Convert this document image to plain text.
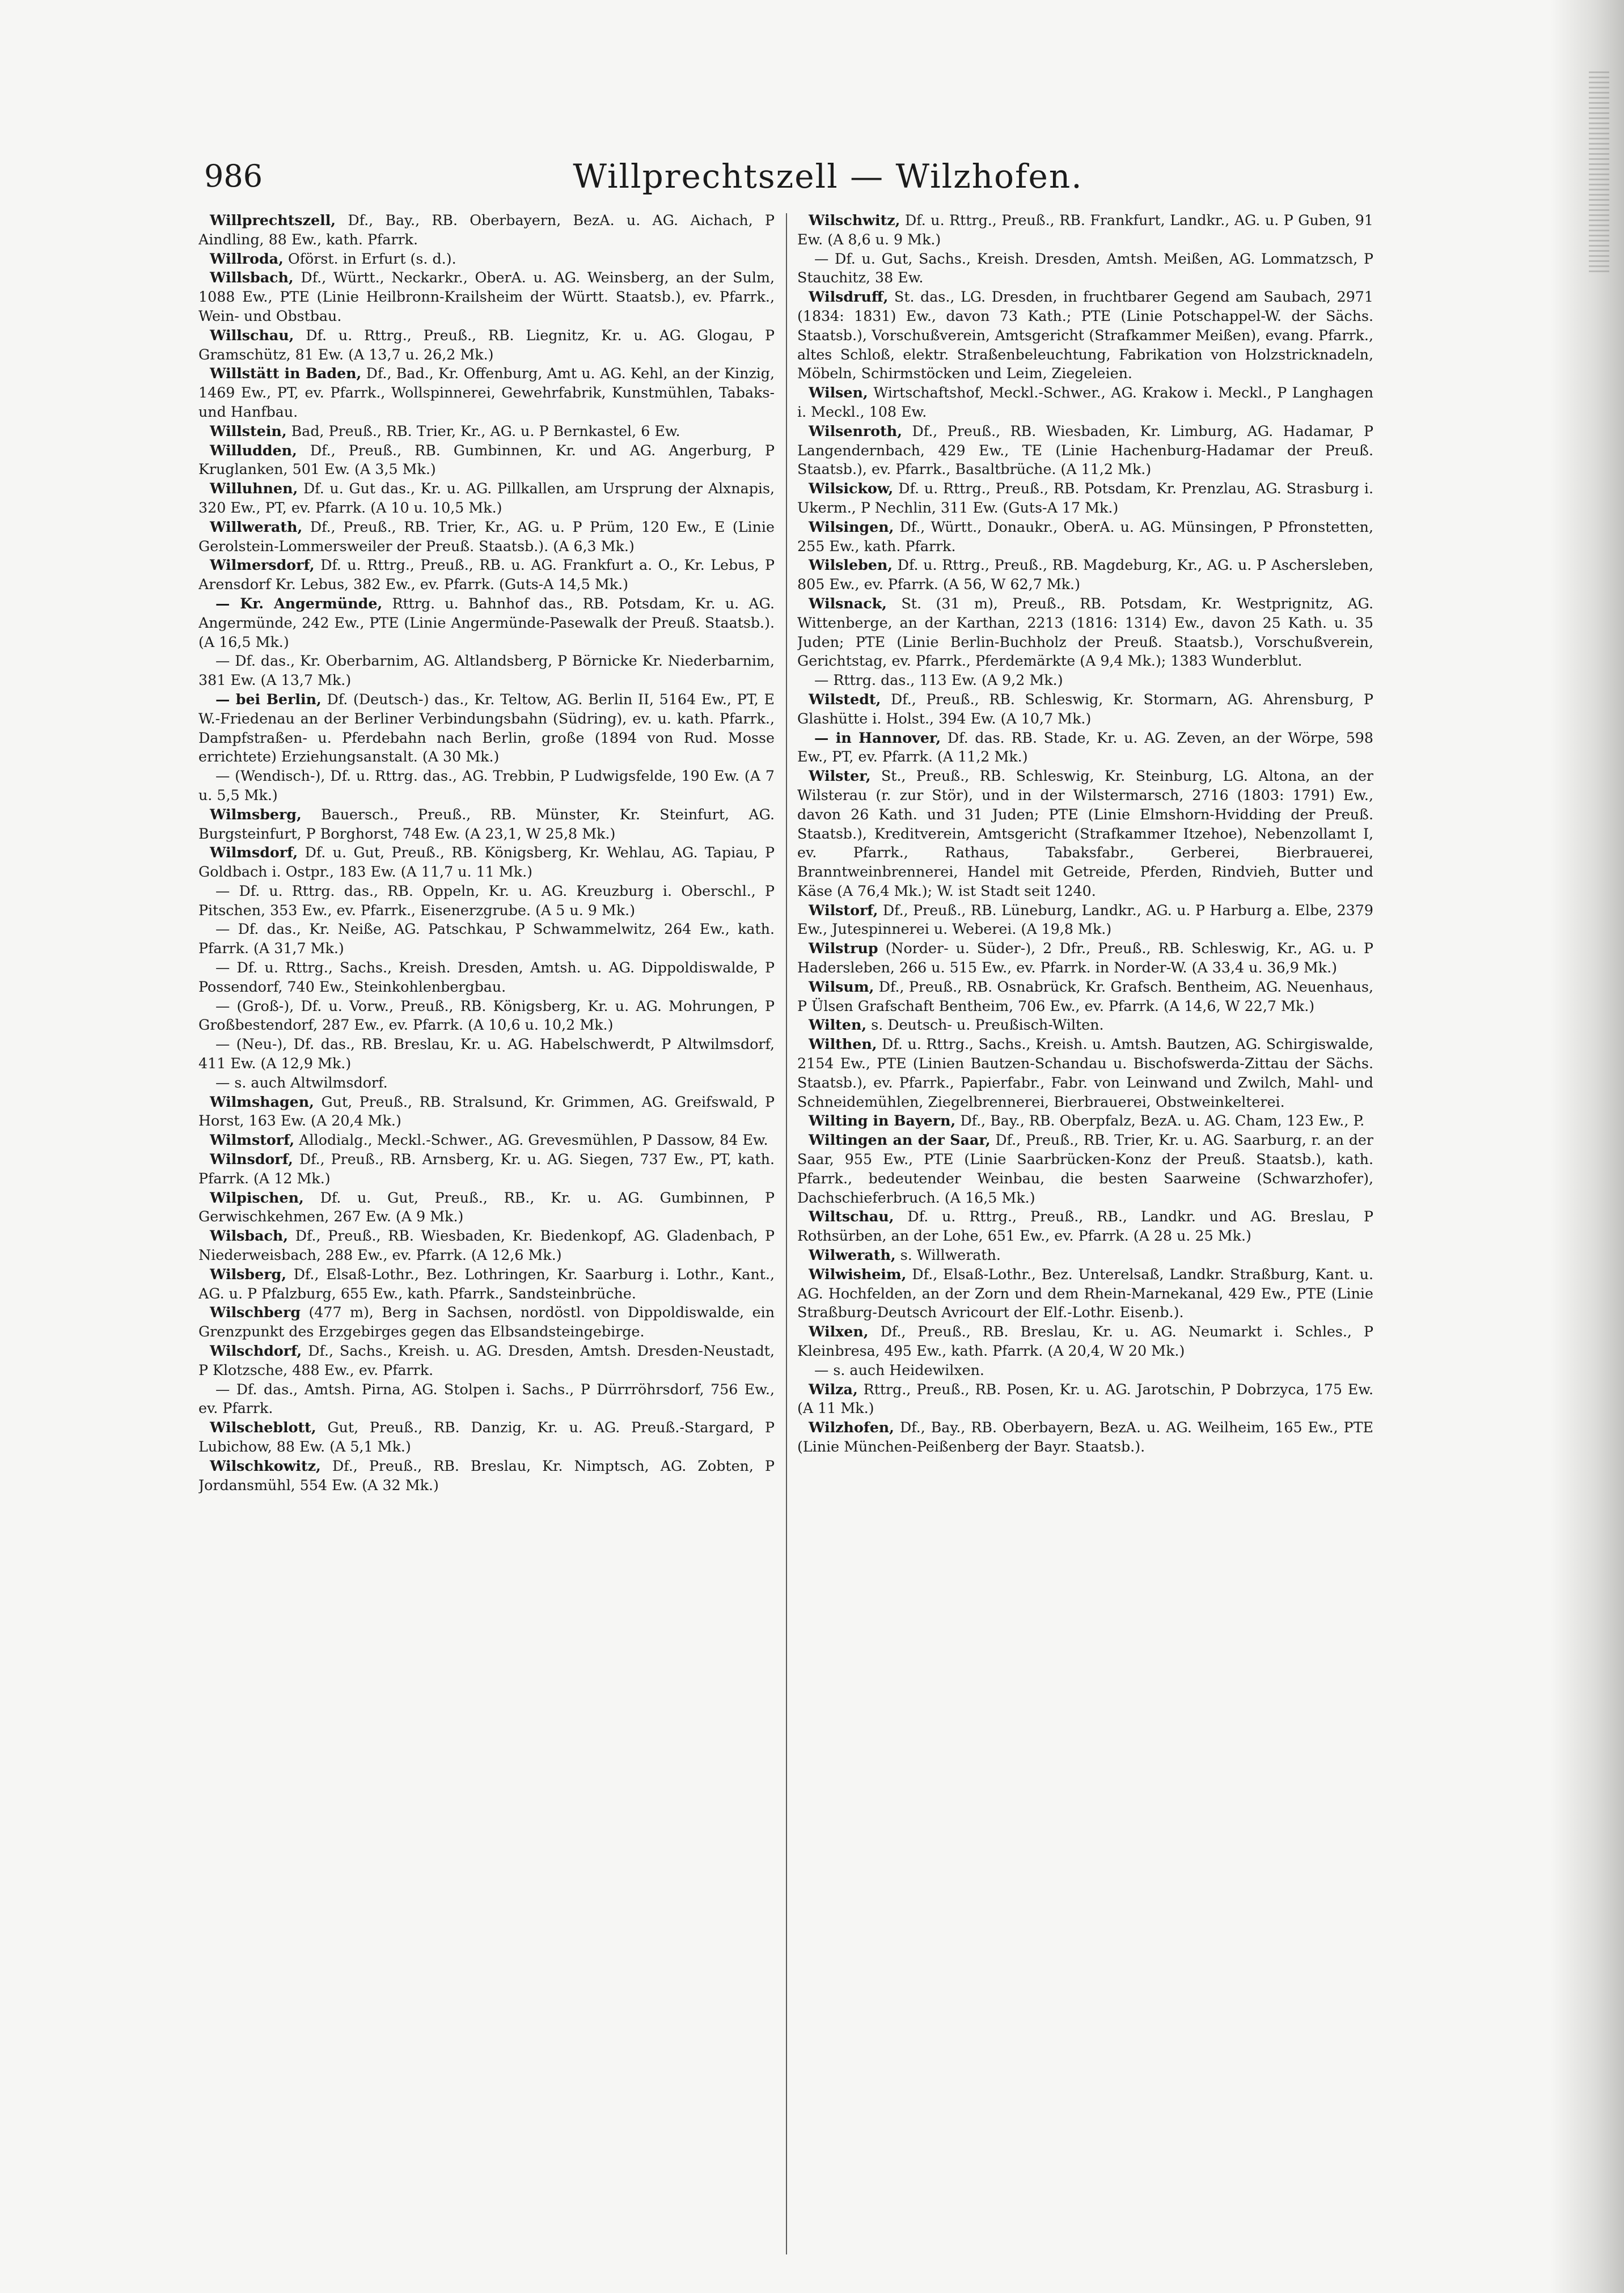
986	Willprechtszell — Wilzhofen.

Willprechtszell, Df., Bay., RB. Oberbayern, BezA. u. AG. Aichach, P Aindling, 88 Ew., kath. Pfarrk.

Willroda, Oförst. in Erfurt (s. d.).

Willsbach, Df., Württ., Neckarkr., OberA. u. AG. Weinsberg, an der Sulm, 1088 Ew., PTE (Linie Heilbronn-Krailsheim der Württ. Staatsb.), ev. Pfarrk., Wein- und Obstbau.

Willschau, Df. u. Rttrg., Preuß., RB. Liegnitz, Kr. u. AG. Glogau, P Gramschütz, 81 Ew. (A 13,7 u. 26,2 Mk.)

Willstätt in Baden, Df., Bad., Kr. Offenburg, Amt u. AG. Kehl, an der Kinzig, 1469 Ew., PT, ev. Pfarrk., Wollspinnerei, Gewehrfabrik, Kunstmühlen, Tabaks- und Hanfbau.

Willstein, Bad, Preuß., RB. Trier, Kr., AG. u. P Bernkastel, 6 Ew.

Willudden, Df., Preuß., RB. Gumbinnen, Kr. und AG. Angerburg, P Kruglanken, 501 Ew. (A 3,5 Mk.)

Willuhnen, Df. u. Gut das., Kr. u. AG. Pillkallen, am Ursprung der Alxnapis, 320 Ew., PT, ev. Pfarrk. (A 10 u. 10,5 Mk.)

Willwerath, Df., Preuß., RB. Trier, Kr., AG. u. P Prüm, 120 Ew., E (Linie Gerolstein-Lommersweiler der Preuß. Staatsb.). (A 6,3 Mk.)

Wilmersdorf, Df. u. Rttrg., Preuß., RB. u. AG. Frankfurt a. O., Kr. Lebus, P Arensdorf Kr. Lebus, 382 Ew., ev. Pfarrk. (Guts-A 14,5 Mk.)

— Kr. Angermünde, Rttrg. u. Bahnhof das., RB. Potsdam, Kr. u. AG. Angermünde, 242 Ew., PTE (Linie Angermünde-Pasewalk der Preuß. Staatsb.). (A 16,5 Mk.)

— Df. das., Kr. Oberbarnim, AG. Altlandsberg, P Börnicke Kr. Niederbarnim, 381 Ew. (A 13,7 Mk.)

— bei Berlin, Df. (Deutsch-) das., Kr. Teltow, AG. Berlin II, 5164 Ew., PT, E W.-Friedenau an der Berliner Verbindungsbahn (Südring), ev. u. kath. Pfarrk., Dampfstraßen- u. Pferdebahn nach Berlin, große (1894 von Rud. Mosse errichtete) Erziehungsanstalt. (A 30 Mk.)

— (Wendisch-), Df. u. Rttrg. das., AG. Trebbin, P Ludwigsfelde, 190 Ew. (A 7 u. 5,5 Mk.)

Wilmsberg, Bauersch., Preuß., RB. Münster, Kr. Steinfurt, AG. Burgsteinfurt, P Borghorst, 748 Ew. (A 23,1, W 25,8 Mk.)

Wilmsdorf, Df. u. Gut, Preuß., RB. Königsberg, Kr. Wehlau, AG. Tapiau, P Goldbach i. Ostpr., 183 Ew. (A 11,7 u. 11 Mk.)

— Df. u. Rttrg. das., RB. Oppeln, Kr. u. AG. Kreuzburg i. Oberschl., P Pitschen, 353 Ew., ev. Pfarrk., Eisenerzgrube. (A 5 u. 9 Mk.)

— Df. das., Kr. Neiße, AG. Patschkau, P Schwammelwitz, 264 Ew., kath. Pfarrk. (A 31,7 Mk.)

— Df. u. Rttrg., Sachs., Kreish. Dresden, Amtsh. u. AG. Dippoldiswalde, P Possendorf, 740 Ew., Steinkohlenbergbau.

— (Groß-), Df. u. Vorw., Preuß., RB. Königsberg, Kr. u. AG. Mohrungen, P Großbestendorf, 287 Ew., ev. Pfarrk. (A 10,6 u. 10,2 Mk.)

— (Neu-), Df. das., RB. Breslau, Kr. u. AG. Habelschwerdt, P Altwilmsdorf, 411 Ew. (A 12,9 Mk.)

— s. auch Altwilmsdorf.

Wilmshagen, Gut, Preuß., RB. Stralsund, Kr. Grimmen, AG. Greifswald, P Horst, 163 Ew. (A 20,4 Mk.)

Wilmstorf, Allodialg., Meckl.-Schwer., AG. Grevesmühlen, P Dassow, 84 Ew.

Wilnsdorf, Df., Preuß., RB. Arnsberg, Kr. u. AG. Siegen, 737 Ew., PT, kath. Pfarrk. (A 12 Mk.)

Wilpischen, Df. u. Gut, Preuß., RB., Kr. u. AG. Gumbinnen, P Gerwischkehmen, 267 Ew. (A 9 Mk.)

Wilsbach, Df., Preuß., RB. Wiesbaden, Kr. Biedenkopf, AG. Gladenbach, P Niederweisbach, 288 Ew., ev. Pfarrk. (A 12,6 Mk.)

Wilsberg, Df., Elsaß-Lothr., Bez. Lothringen, Kr. Saarburg i. Lothr., Kant., AG. u. P Pfalzburg, 655 Ew., kath. Pfarrk., Sandsteinbrüche.

Wilschberg (477 m), Berg in Sachsen, nordöstl. von Dippoldiswalde, ein Grenzpunkt des Erzgebirges gegen das Elbsandsteingebirge.

Wilschdorf, Df., Sachs., Kreish. u. AG. Dresden, Amtsh. Dresden-Neustadt, P Klotzsche, 488 Ew., ev. Pfarrk.

— Df. das., Amtsh. Pirna, AG. Stolpen i. Sachs., P Dürrröhrsdorf, 756 Ew., ev. Pfarrk.

Wilscheblott, Gut, Preuß., RB. Danzig, Kr. u. AG. Preuß.-Stargard, P Lubichow, 88 Ew. (A 5,1 Mk.)

Wilschkowitz, Df., Preuß., RB. Breslau, Kr. Nimptsch, AG. Zobten, P Jordansmühl, 554 Ew. (A 32 Mk.)

Wilschwitz, Df. u. Rttrg., Preuß., RB. Frankfurt, Landkr., AG. u. P Guben, 91 Ew. (A 8,6 u. 9 Mk.)

— Df. u. Gut, Sachs., Kreish. Dresden, Amtsh. Meißen, AG. Lommatzsch, P Stauchitz, 38 Ew.

Wilsdruff, St. das., LG. Dresden, in fruchtbarer Gegend am Saubach, 2971 (1834: 1831) Ew., davon 73 Kath.; PTE (Linie Potschappel-W. der Sächs. Staatsb.), Vorschußverein, Amtsgericht (Strafkammer Meißen), evang. Pfarrk., altes Schloß, elektr. Straßenbeleuchtung, Fabrikation von Holzstricknadeln, Möbeln, Schirmstöcken und Leim, Ziegeleien.

Wilsen, Wirtschaftshof, Meckl.-Schwer., AG. Krakow i. Meckl., P Langhagen i. Meckl., 108 Ew.

Wilsenroth, Df., Preuß., RB. Wiesbaden, Kr. Limburg, AG. Hadamar, P Langendernbach, 429 Ew., TE (Linie Hachenburg-Hadamar der Preuß. Staatsb.), ev. Pfarrk., Basaltbrüche. (A 11,2 Mk.)

Wilsickow, Df. u. Rttrg., Preuß., RB. Potsdam, Kr. Prenzlau, AG. Strasburg i. Ukerm., P Nechlin, 311 Ew. (Guts-A 17 Mk.)

Wilsingen, Df., Württ., Donaukr., OberA. u. AG. Münsingen, P Pfronstetten, 255 Ew., kath. Pfarrk.

Wilsleben, Df. u. Rttrg., Preuß., RB. Magdeburg, Kr., AG. u. P Aschersleben, 805 Ew., ev. Pfarrk. (A 56, W 62,7 Mk.)

Wilsnack, St. (31 m), Preuß., RB. Potsdam, Kr. Westprignitz, AG. Wittenberge, an der Karthan, 2213 (1816: 1314) Ew., davon 25 Kath. u. 35 Juden; PTE (Linie Berlin-Buchholz der Preuß. Staatsb.), Vorschußverein, Gerichtstag, ev. Pfarrk., Pferdemärkte (A 9,4 Mk.); 1383 Wunderblut.

— Rttrg. das., 113 Ew. (A 9,2 Mk.)

Wilstedt, Df., Preuß., RB. Schleswig, Kr. Stormarn, AG. Ahrensburg, P Glashütte i. Holst., 394 Ew. (A 10,7 Mk.)

— in Hannover, Df. das. RB. Stade, Kr. u. AG. Zeven, an der Wörpe, 598 Ew., PT, ev. Pfarrk. (A 11,2 Mk.)

Wilster, St., Preuß., RB. Schleswig, Kr. Steinburg, LG. Altona, an der Wilsterau (r. zur Stör), und in der Wilstermarsch, 2716 (1803: 1791) Ew., davon 26 Kath. und 31 Juden; PTE (Linie Elmshorn-Hvidding der Preuß. Staatsb.), Kreditverein, Amtsgericht (Strafkammer Itzehoe), Nebenzollamt I, ev. Pfarrk., Rathaus, Tabaksfabr., Gerberei, Bierbrauerei, Branntweinbrennerei, Handel mit Getreide, Pferden, Rindvieh, Butter und Käse (A 76,4 Mk.); W. ist Stadt seit 1240.

Wilstorf, Df., Preuß., RB. Lüneburg, Landkr., AG. u. P Harburg a. Elbe, 2379 Ew., Jutespinnerei u. Weberei. (A 19,8 Mk.)

Wilstrup (Norder- u. Süder-), 2 Dfr., Preuß., RB. Schleswig, Kr., AG. u. P Hadersleben, 266 u. 515 Ew., ev. Pfarrk. in Norder-W. (A 33,4 u. 36,9 Mk.)

Wilsum, Df., Preuß., RB. Osnabrück, Kr. Grafsch. Bentheim, AG. Neuenhaus, P Ülsen Grafschaft Bentheim, 706 Ew., ev. Pfarrk. (A 14,6, W 22,7 Mk.)

Wilten, s. Deutsch- u. Preußisch-Wilten.

Wilthen, Df. u. Rttrg., Sachs., Kreish. u. Amtsh. Bautzen, AG. Schirgiswalde, 2154 Ew., PTE (Linien Bautzen-Schandau u. Bischofswerda-Zittau der Sächs. Staatsb.), ev. Pfarrk., Papierfabr., Fabr. von Leinwand und Zwilch, Mahl- und Schneidemühlen, Ziegelbrennerei, Bierbrauerei, Obstweinkelterei.

Wilting in Bayern, Df., Bay., RB. Oberpfalz, BezA. u. AG. Cham, 123 Ew., P.

Wiltingen an der Saar, Df., Preuß., RB. Trier, Kr. u. AG. Saarburg, r. an der Saar, 955 Ew., PTE (Linie Saarbrücken-Konz der Preuß. Staatsb.), kath. Pfarrk., bedeutender Weinbau, die besten Saarweine (Schwarzhofer), Dachschieferbruch. (A 16,5 Mk.)

Wiltschau, Df. u. Rttrg., Preuß., RB., Landkr. und AG. Breslau, P Rothsürben, an der Lohe, 651 Ew., ev. Pfarrk. (A 28 u. 25 Mk.)

Wilwerath, s. Willwerath.

Wilwisheim, Df., Elsaß-Lothr., Bez. Unterelsaß, Landkr. Straßburg, Kant. u. AG. Hochfelden, an der Zorn und dem Rhein-Marnekanal, 429 Ew., PTE (Linie Straßburg-Deutsch Avricourt der Elf.-Lothr. Eisenb.).

Wilxen, Df., Preuß., RB. Breslau, Kr. u. AG. Neumarkt i. Schles., P Kleinbresa, 495 Ew., kath. Pfarrk. (A 20,4, W 20 Mk.)

— s. auch Heidewilxen.

Wilza, Rttrg., Preuß., RB. Posen, Kr. u. AG. Jarotschin, P Dobrzyca, 175 Ew. (A 11 Mk.)

Wilzhofen, Df., Bay., RB. Oberbayern, BezA. u. AG. Weilheim, 165 Ew., PTE (Linie München-Peißenberg der Bayr. Staatsb.).
